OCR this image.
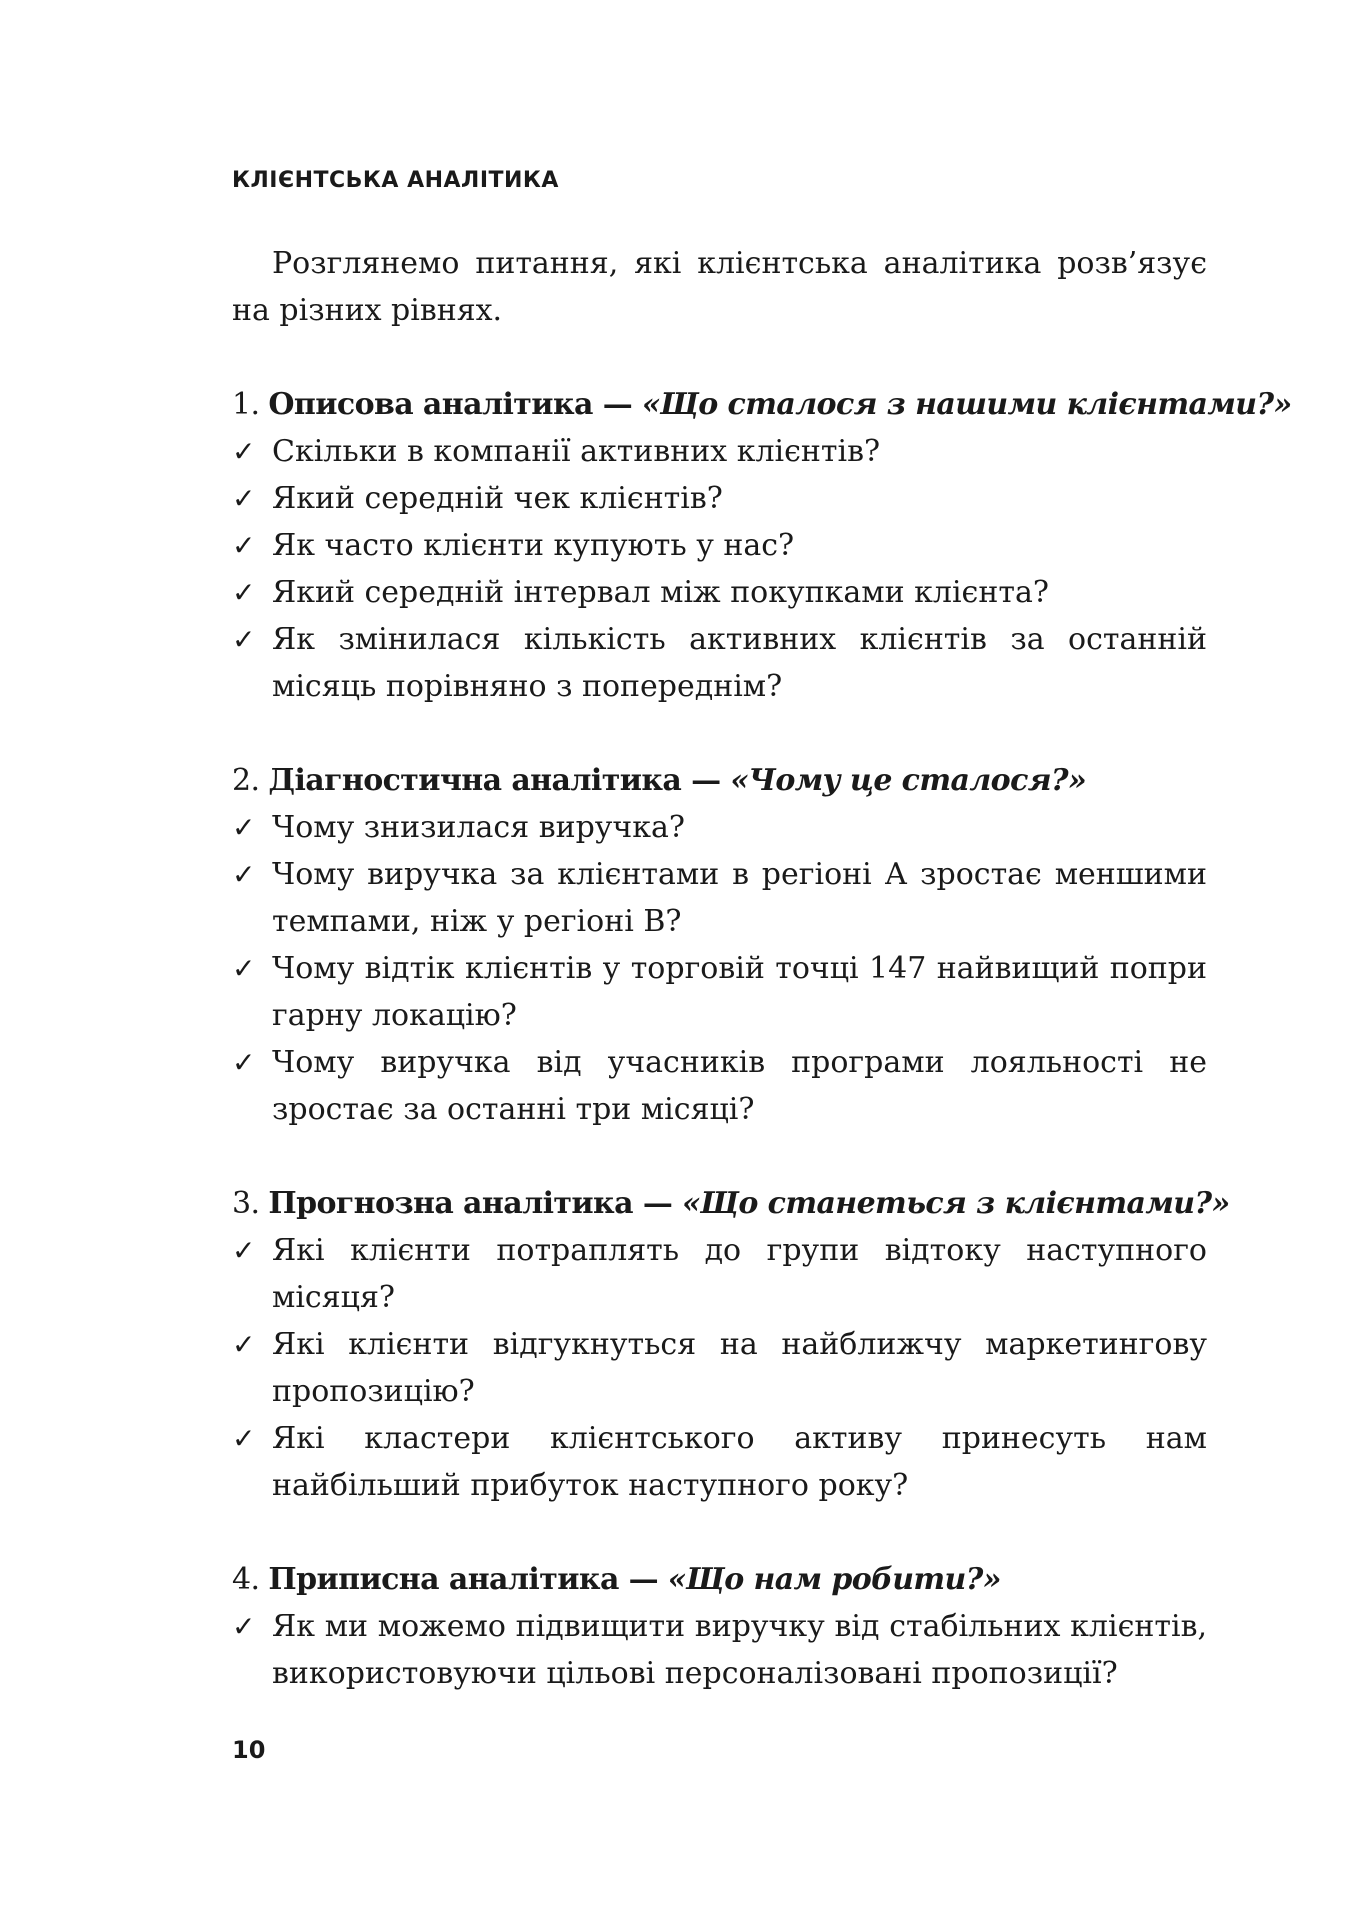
КЛІЄНТСЬКА АНАЛІТИКА

Розглянемо питання, які клієнтська аналітика розв’язує на різних рівнях.

1. Описова аналітика — «Що сталося з нашими клієнтами?»

✓ Скільки в компанії активних клієнтів?

✓ Який середній чек клієнтів?

✓ Як часто клієнти купують у нас?

✓ Який середній інтервал між покупками клієнта?

✓ Як змінилася кількість активних клієнтів за останній місяць порівняно з попереднім?

2. Діагностична аналітика — «Чому це сталося?»

✓ Чому знизилася виручка?

✓ Чому виручка за клієнтами в регіоні А зростає меншими темпами, ніж у регіоні В?

✓ Чому відтік клієнтів у торговій точці 147 найвищий попри гарну локацію?

✓ Чому виручка від учасників програми лояльності не зростає за останні три місяці?

3. Прогнозна аналітика — «Що станеться з клієнтами?»

✓ Які клієнти потраплять до групи відтоку наступного місяця?

✓ Які клієнти відгукнуться на найближчу маркетингову пропозицію?

✓ Які кластери клієнтського активу принесуть нам найбільший прибуток наступного року?

4. Приписна аналітика — «Що нам робити?»

✓ Як ми можемо підвищити виручку від стабільних клієнтів, використовуючи цільові персоналізовані пропозиції?

10
